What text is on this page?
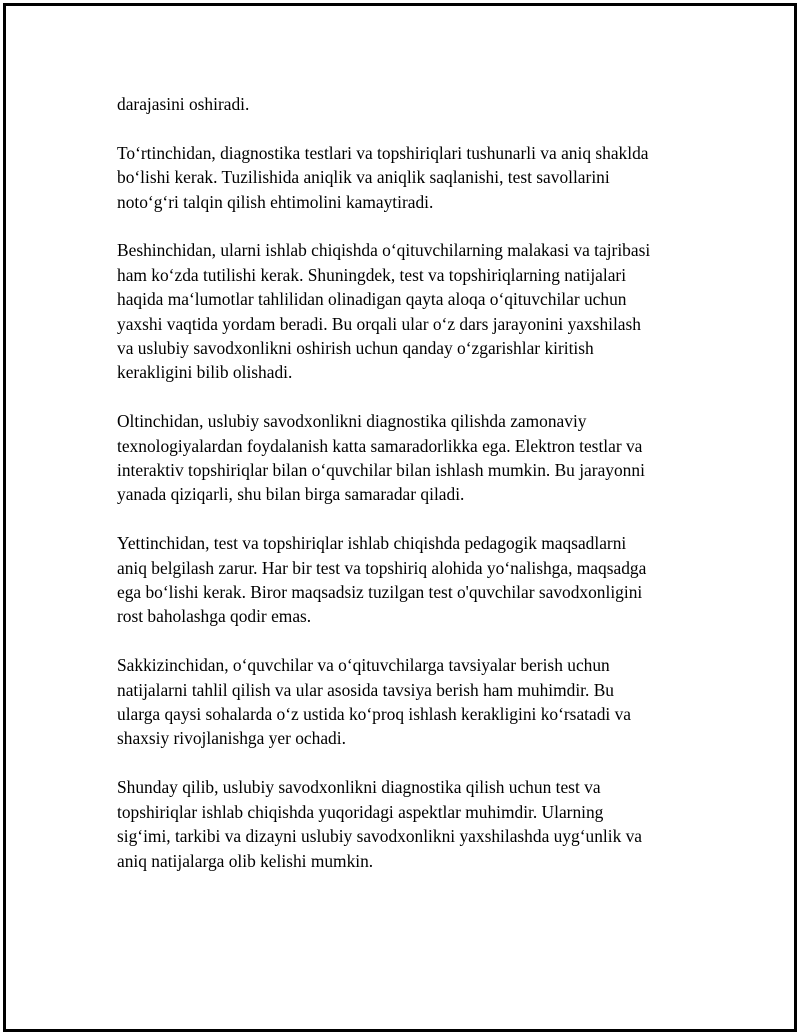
darajasini oshiradi.

To‘rtinchidan, diagnostika testlari va topshiriqlari tushunarli va aniq shaklda
bo‘lishi kerak. Tuzilishida aniqlik va aniqlik saqlanishi, test savollarini
noto‘g‘ri talqin qilish ehtimolini kamaytiradi.

Beshinchidan, ularni ishlab chiqishda o‘qituvchilarning malakasi va tajribasi
ham ko‘zda tutilishi kerak. Shuningdek, test va topshiriqlarning natijalari
haqida maʻlumotlar tahlilidan olinadigan qayta aloqa o‘qituvchilar uchun
yaxshi vaqtida yordam beradi. Bu orqali ular o‘z dars jarayonini yaxshilash
va uslubiy savodxonlikni oshirish uchun qanday o‘zgarishlar kiritish
kerakligini bilib olishadi.

Oltinchidan, uslubiy savodxonlikni diagnostika qilishda zamonaviy
texnologiyalardan foydalanish katta samaradorlikka ega. Elektron testlar va
interaktiv topshiriqlar bilan o‘quvchilar bilan ishlash mumkin. Bu jarayonni
yanada qiziqarli, shu bilan birga samaradar qiladi.

Yettinchidan, test va topshiriqlar ishlab chiqishda pedagogik maqsadlarni
aniq belgilash zarur. Har bir test va topshiriq alohida yo‘nalishga, maqsadga
ega bo‘lishi kerak. Biror maqsadsiz tuzilgan test o'quvchilar savodxonligini
rost baholashga qodir emas.

Sakkizinchidan, o‘quvchilar va o‘qituvchilarga tavsiyalar berish uchun
natijalarni tahlil qilish va ular asosida tavsiya berish ham muhimdir. Bu
ularga qaysi sohalarda o‘z ustida ko‘proq ishlash kerakligini ko‘rsatadi va
shaxsiy rivojlanishga yer ochadi.

Shunday qilib, uslubiy savodxonlikni diagnostika qilish uchun test va
topshiriqlar ishlab chiqishda yuqoridagi aspektlar muhimdir. Ularning
sig‘imi, tarkibi va dizayni uslubiy savodxonlikni yaxshilashda uyg‘unlik va
aniq natijalarga olib kelishi mumkin.
